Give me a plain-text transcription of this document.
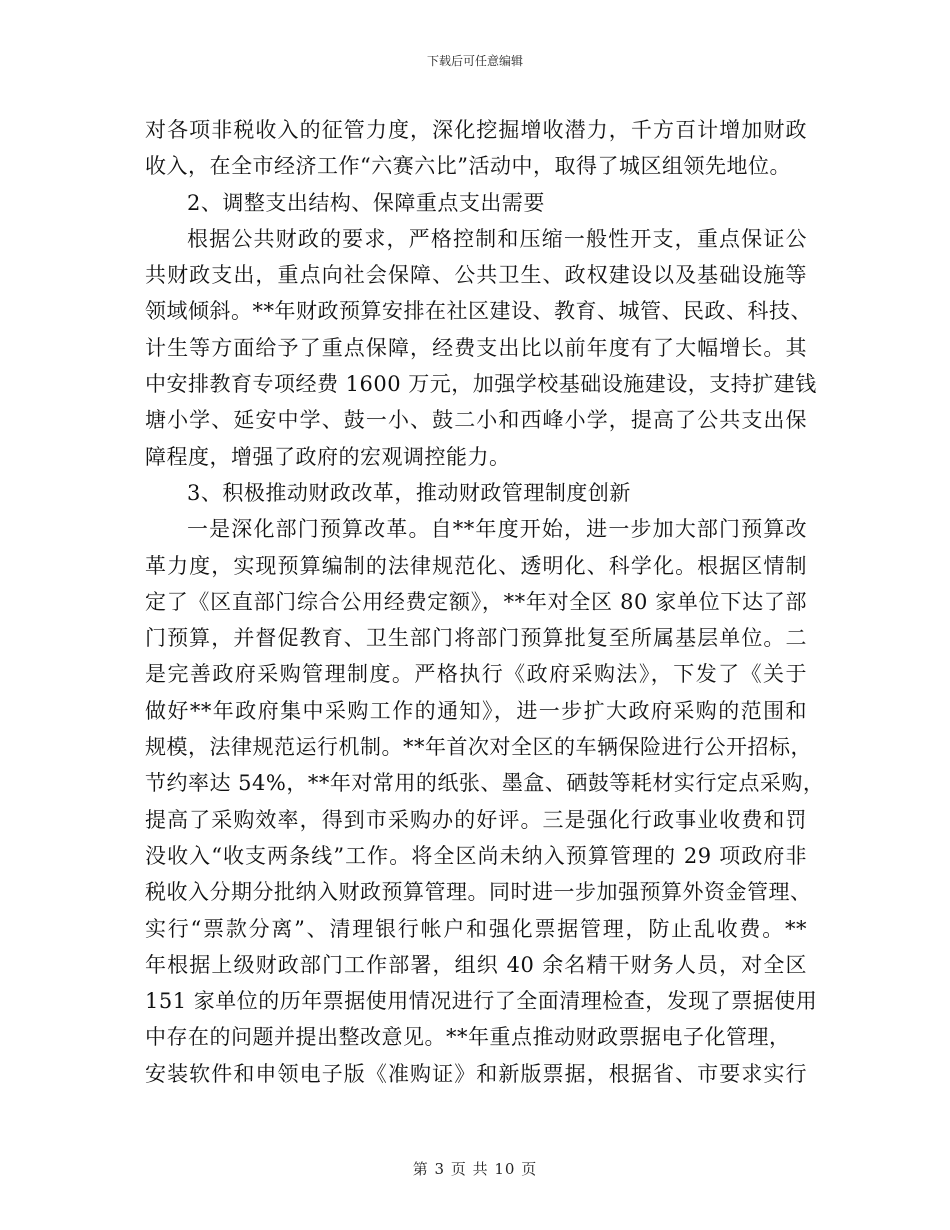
下载后可任意编辑
对各项非税收入的征管力度，深化挖掘增收潜力，千方百计增加财政
收入，在全市经济工作“六赛六比”活动中，取得了城区组领先地位。
2、调整支出结构、保障重点支出需要
根据公共财政的要求，严格控制和压缩一般性开支，重点保证公
共财政支出，重点向社会保障、公共卫生、政权建设以及基础设施等
领域倾斜。**年财政预算安排在社区建设、教育、城管、民政、科技、
计生等方面给予了重点保障，经费支出比以前年度有了大幅增长。其
中安排教育专项经费 1600 万元，加强学校基础设施建设，支持扩建钱
塘小学、延安中学、鼓一小、鼓二小和西峰小学，提高了公共支出保
障程度，增强了政府的宏观调控能力。
3、积极推动财政改革，推动财政管理制度创新
一是深化部门预算改革。自**年度开始，进一步加大部门预算改
革力度，实现预算编制的法律规范化、透明化、科学化。根据区情制
定了《区直部门综合公用经费定额》，**年对全区 80 家单位下达了部
门预算，并督促教育、卫生部门将部门预算批复至所属基层单位。二
是完善政府采购管理制度。严格执行《政府采购法》，下发了《关于
做好**年政府集中采购工作的通知》，进一步扩大政府采购的范围和
规模，法律规范运行机制。**年首次对全区的车辆保险进行公开招标，
节约率达 54%，**年对常用的纸张、墨盒、硒鼓等耗材实行定点采购，
提高了采购效率，得到市采购办的好评。三是强化行政事业收费和罚
没收入“收支两条线”工作。将全区尚未纳入预算管理的 29 项政府非
税收入分期分批纳入财政预算管理。同时进一步加强预算外资金管理、
实行“票款分离”、清理银行帐户和强化票据管理，防止乱收费。**
年根据上级财政部门工作部署，组织 40 余名精干财务人员，对全区
151 家单位的历年票据使用情况进行了全面清理检查，发现了票据使用
中存在的问题并提出整改意见。**年重点推动财政票据电子化管理，
安装软件和申领电子版《准购证》和新版票据，根据省、市要求实行
第 3 页 共 10 页
